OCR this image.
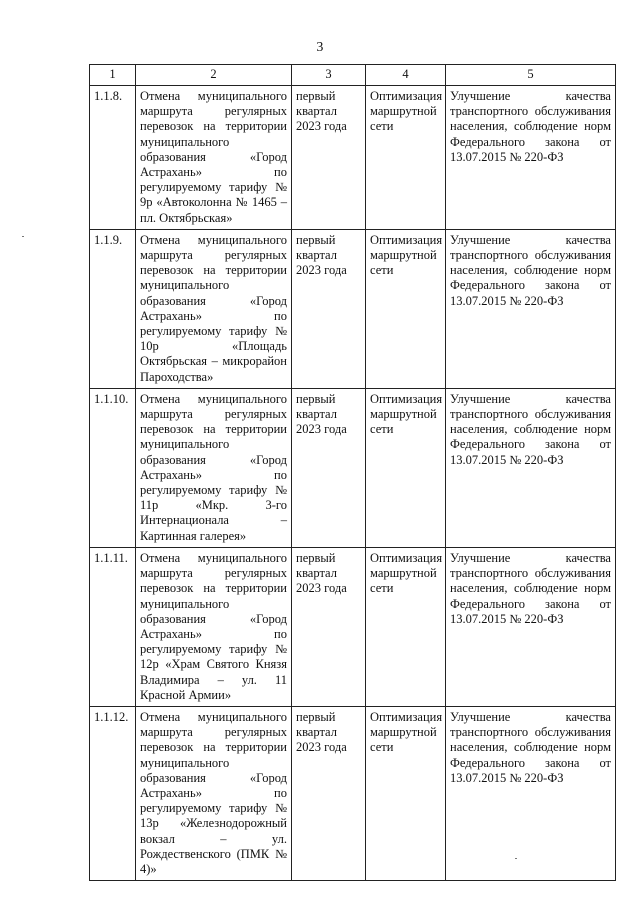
3
1	2	3	4	5
1.1.8.	Отмена муниципального маршрута регулярных перевозок на территории муниципального образования «Город Астрахань» по регулируемому тарифу № 9р «Автоколонна № 1465 – пл. Октябрьская»	первый квартал 2023 года	Оптимизация маршрутной сети	Улучшение качества транспортного обслуживания населения, соблюдение норм Федерального закона от 13.07.2015 № 220-ФЗ
1.1.9.	Отмена муниципального маршрута регулярных перевозок на территории муниципального образования «Город Астрахань» по регулируемому тарифу № 10р «Площадь Октябрьская – микрорайон Пароходства»	первый квартал 2023 года	Оптимизация маршрутной сети	Улучшение качества транспортного обслуживания населения, соблюдение норм Федерального закона от 13.07.2015 № 220-ФЗ
1.1.10.	Отмена муниципального маршрута регулярных перевозок на территории муниципального образования «Город Астрахань» по регулируемому тарифу № 11р «Мкр. 3-го Интернационала – Картинная галерея»	первый квартал 2023 года	Оптимизация маршрутной сети	Улучшение качества транспортного обслуживания населения, соблюдение норм Федерального закона от 13.07.2015 № 220-ФЗ
1.1.11.	Отмена муниципального маршрута регулярных перевозок на территории муниципального образования «Город Астрахань» по регулируемому тарифу № 12р «Храм Святого Князя Владимира – ул. 11 Красной Армии»	первый квартал 2023 года	Оптимизация маршрутной сети	Улучшение качества транспортного обслуживания населения, соблюдение норм Федерального закона от 13.07.2015 № 220-ФЗ
1.1.12.	Отмена муниципального маршрута регулярных перевозок на территории муниципального образования «Город Астрахань» по регулируемому тарифу № 13р «Железнодорожный вокзал – ул. Рождественского (ПМК № 4)»	первый квартал 2023 года	Оптимизация маршрутной сети	Улучшение качества транспортного обслуживания населения, соблюдение норм Федерального закона от 13.07.2015 № 220-ФЗ
